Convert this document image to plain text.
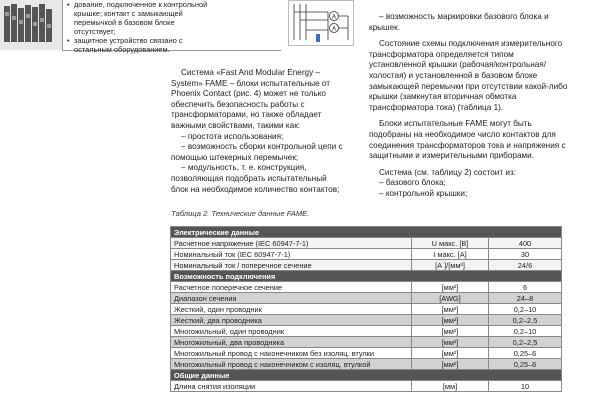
• дование, подключенное к контрольной крышке; контакт с замыкающей перемычкой в базовом блоке отсутствует;
• защитное устройство связано с остальным оборудованием.
A
A

Система «Fast And Modular Energy – System» FAME – блоки испытательные от Phoenix Contact (рис. 4) может не только обеспечить безопасность работы с трансформаторами, но также обладает важными свойствами, такими как:

– простота использования;

– возможность сборки контрольной цепи с помощью штекерных перемычек;

– модульность, т. е. конструкция, позволяющая подобрать испытательный блок на необходимое количество контактов;

– возможность маркировки базового блока и крышек.

Состояние схемы подключения измерительного трансформатора определяется типом установленной крышки (рабочая/контрольная/холостая) и установленной в базовом блоке замыкающей перемычки при отсутствии какой-либо крышки (замкнутая вторичная обмотка трансформатора тока) (таблица 1).

Блоки испытательные FAME могут быть подобраны на необходимое число контактов для соединения трансформаторов тока и напряжения с защитными и измерительными приборами.

Система (см. таблицу 2) состоит из:

– базового блока;

– контрольной крышки;

Таблица 2. Технические данные FAME.
Электрические данные		
Расчетное напряжение (IEC 60947-7-1)	U макс. [В]	400
Номинальный ток (IEC 60947-7-1)	I макс. [А]	30
Номинальный ток / поперечное сечение	[А ]/[мм²]	24/6
Возможность подключения		
Расчетное поперечное сечение	[мм²]	6
Диапазон сечения	[AWG]	24–8
Жесткий, один проводник	[мм²]	0,2–10
Жесткий, два проводника	[мм²]	0,2–2,5
Многожильный, один проводник	[мм²]	0,2–10
Многожильный, два проводника	[мм²]	0,2–2,5
Многожильный провод с наконечником без изоляц. втулки	[мм²]	0,25–6
Многожильный провод с наконечником с изоляц. втулкой	[мм²]	0,25–6
Общие данные		
Длина снятия изоляции	[мм]	10
